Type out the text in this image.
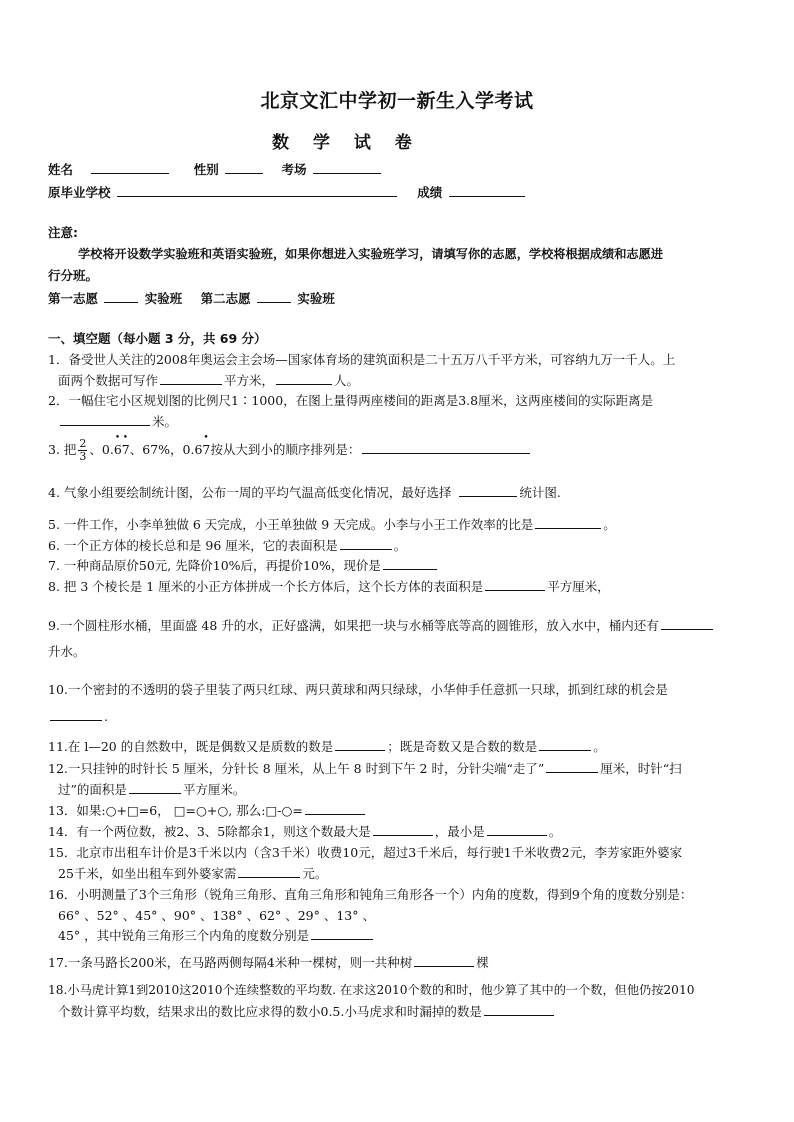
北京文汇中学初一新生入学考试
数 学 试 卷
姓名	性别	考场
原毕业学校	成绩
注意:
学校将开设数学实验班和英语实验班，如果你想进入实验班学习，请填写你的志愿，学校将根据成绩和志愿进
行分班。
第一志愿	实验班 第二志愿	实验班
一、填空题（每小题 3 分，共 69 分）
1．备受世人关注的2008年奥运会主会场—国家体育场的建筑面积是二十五万八千平方米，可容纳九万一千人。上
面两个数据可写作	平方米，	人。
2．一幅住宅小区规划图的比例尺1∶1000，在图上量得两座楼间的距离是3.8厘米，这两座楼间的实际距离是
米。
3. 把 $\frac{2}{3}$ 、0.• 6• 7、67%，0.6• 7按从大到小的顺序排列是：
4. 气象小组要绘制统计图，公布一周的平均气温高低变化情况，最好选择	统计图.
5. 一件工作，小李单独做 6 天完成，小王单独做 9 天完成。小李与小王工作效率的比是	。
6. 一个正方体的棱长总和是 96 厘米，它的表面积是	。
7. 一种商品原价50元, 先降价10%后，再提价10%，现价是
8. 把 3 个棱长是 1 厘米的小正方体拼成一个长方体后，这个长方体的表面积是	平方厘米，
9.一个圆柱形水桶，里面盛 48 升的水，正好盛满，如果把一块与水桶等底等高的圆锥形，放入水中，桶内还有
升水。
10.一个密封的不透明的袋子里装了两只红球、两只黄球和两只绿球，小华伸手任意抓一只球，抓到红球的机会是
.
11.在 l—20 的自然数中，既是偶数又是质数的数是	；既是奇数又是合数的数是	。
12.一只挂钟的时针长 5 厘米，分针长 8 厘米，从上午 8 时到下午 2 时，分针尖端“走了”	厘米，时针“扫
过”的面积是	平方厘米。
13．如果:○+□=6， □=○+○, 那么:□-○=
14．有一个两位数，被2、3、5除都余1，则这个数最大是	，最小是	。
15．北京市出租车计价是3千米以内（含3千米）收费10元，超过3千米后，每行驶1千米收费2元，李芳家距外婆家
25千米，如坐出租车到外婆家需	元。
16．小明测量了3个三角形（锐角三角形、直角三角形和钝角三角形各一个）内角的度数，得到9个角的度数分别是：
66° 、52° 、45° 、90° 、138° 、62° 、29° 、13° 、
45° ，其中锐角三角形三个内角的度数分别是
17.一条马路长200米，在马路两侧每隔4米种一棵树，则一共种树	棵
18.小马虎计算1到2010这2010个连续整数的平均数. 在求这2010个数的和时，他少算了其中的一个数，但他仍按2010
个数计算平均数，结果求出的数比应求得的数小0.5.小马虎求和时漏掉的数是
